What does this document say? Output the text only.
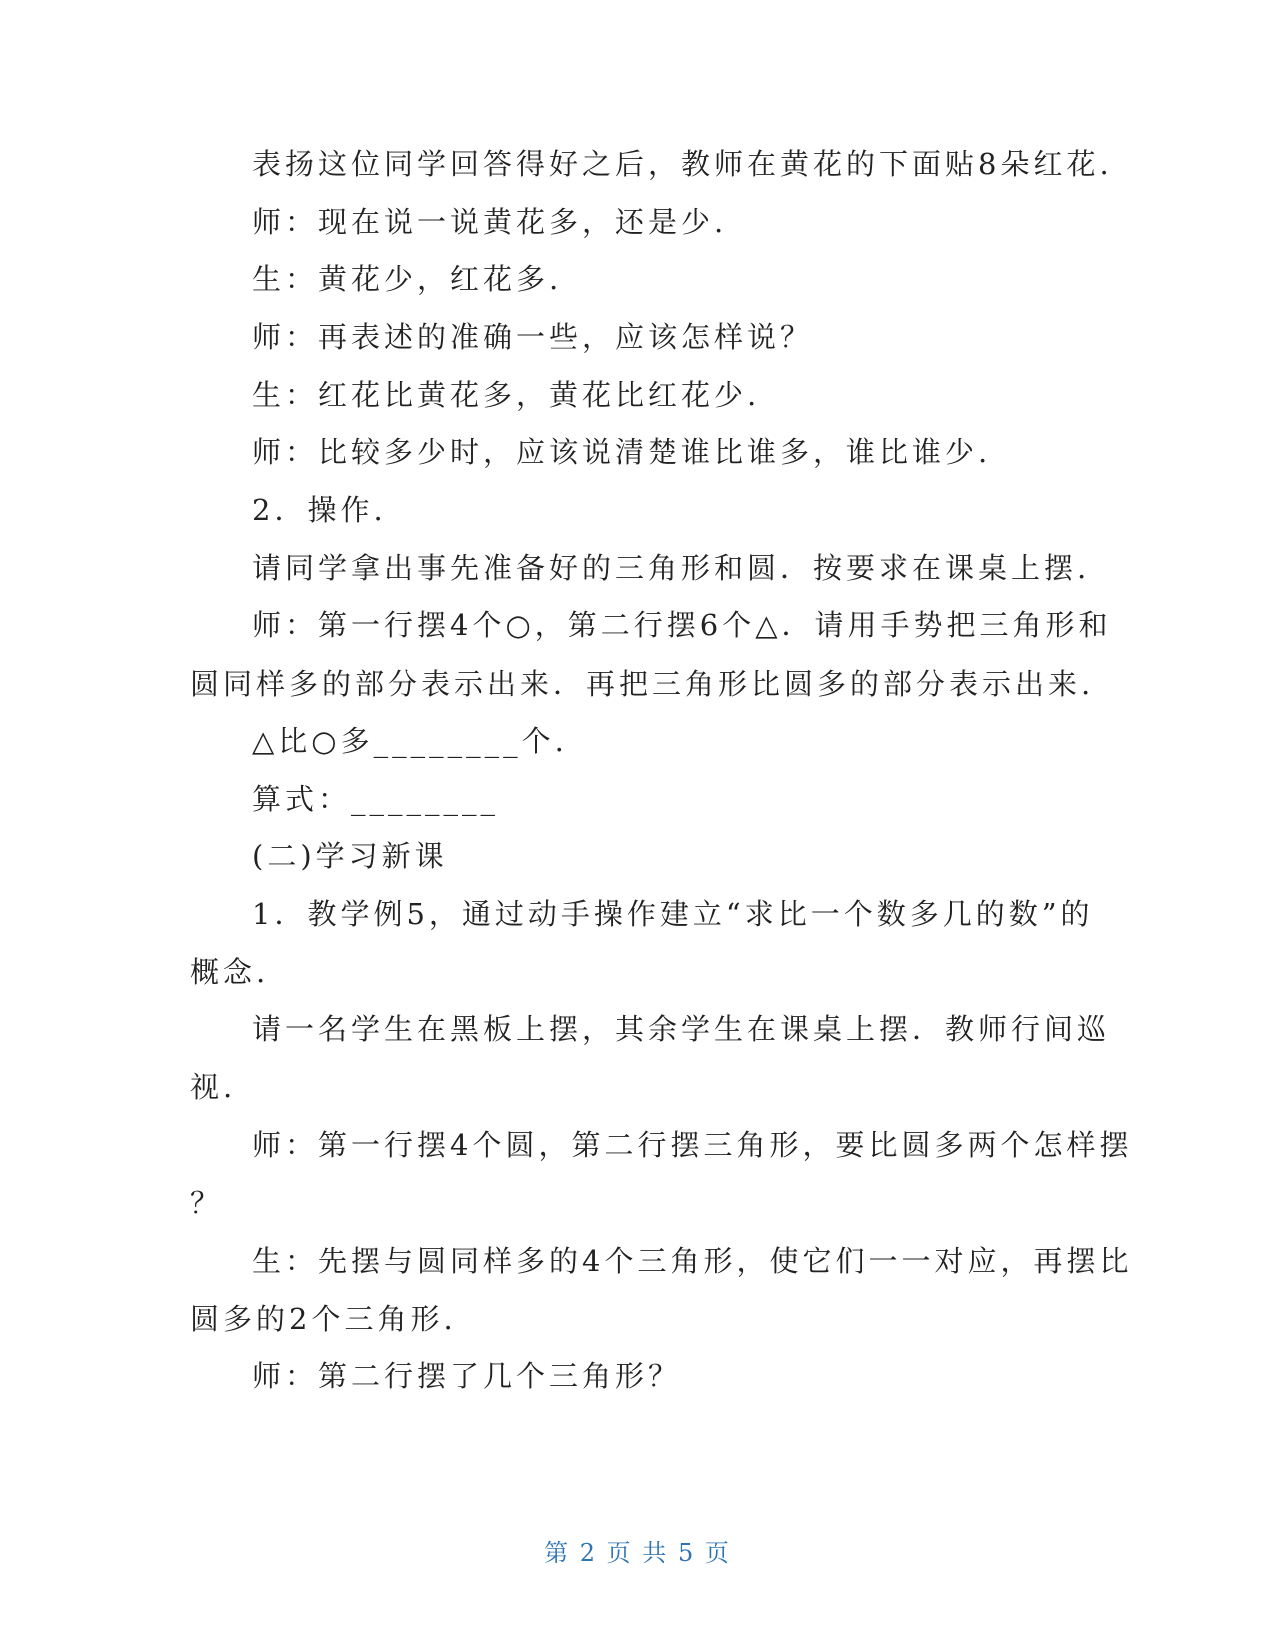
表扬这位同学回答得好之后，教师在黄花的下面贴8朵红花.
师：现在说一说黄花多，还是少.
生：黄花少，红花多.
师：再表述的准确一些，应该怎样说？
生：红花比黄花多，黄花比红花少.
师：比较多少时，应该说清楚谁比谁多，谁比谁少.
2．操作.
请同学拿出事先准备好的三角形和圆．按要求在课桌上摆.
师：第一行摆4个○，第二行摆6个△．请用手势把三角形和
圆同样多的部分表示出来．再把三角形比圆多的部分表示出来.
△比○多________个.
算式：________
(二)学习新课
1．教学例5，通过动手操作建立“求比一个数多几的数”的
概念.
请一名学生在黑板上摆，其余学生在课桌上摆．教师行间巡
视.
师：第一行摆4个圆，第二行摆三角形，要比圆多两个怎样摆
？
生：先摆与圆同样多的4个三角形，使它们一一对应，再摆比
圆多的2个三角形.
师：第二行摆了几个三角形？
第 2 页 共 5 页
